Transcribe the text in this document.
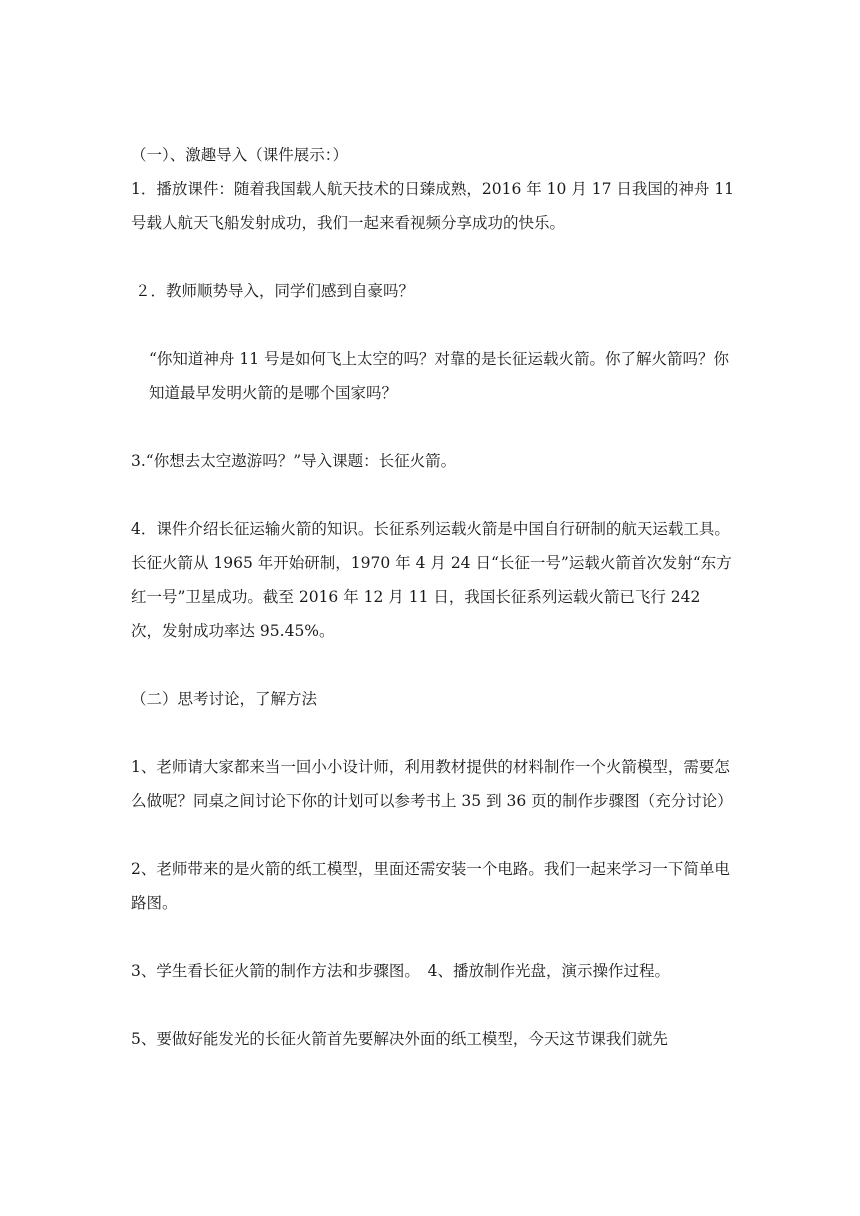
（一）、激趣导入（课件展示：）

1．播放课件：随着我国载人航天技术的日臻成熟，2016 年 10 月 17 日我国的神舟 11 号载人航天飞船发射成功，我们一起来看视频分享成功的快乐。

２．教师顺势导入，同学们感到自豪吗？

“你知道神舟 11 号是如何飞上太空的吗？对靠的是长征运载火箭。你了解火箭吗？你知道最早发明火箭的是哪个国家吗？

3.“你想去太空遨游吗？”导入课题：长征火箭。

4．课件介绍长征运输火箭的知识。长征系列运载火箭是中国自行研制的航天运载工具。长征火箭从 1965 年开始研制，1970 年 4 月 24 日“长征一号”运载火箭首次发射“东方红一号”卫星成功。截至 2016 年 12 月 11 日，我国长征系列运载火箭已飞行 242 次，发射成功率达 95.45%。

（二）思考讨论，了解方法

1、老师请大家都来当一回小小设计师，利用教材提供的材料制作一个火箭模型，需要怎么做呢？同桌之间讨论下你的计划可以参考书上 35 到 36 页的制作步骤图（充分讨论）

2、老师带来的是火箭的纸工模型，里面还需安装一个电路。我们一起来学习一下简单电路图。

3、学生看长征火箭的制作方法和步骤图。　4、播放制作光盘，演示操作过程。

5、要做好能发光的长征火箭首先要解决外面的纸工模型，今天这节课我们就先
